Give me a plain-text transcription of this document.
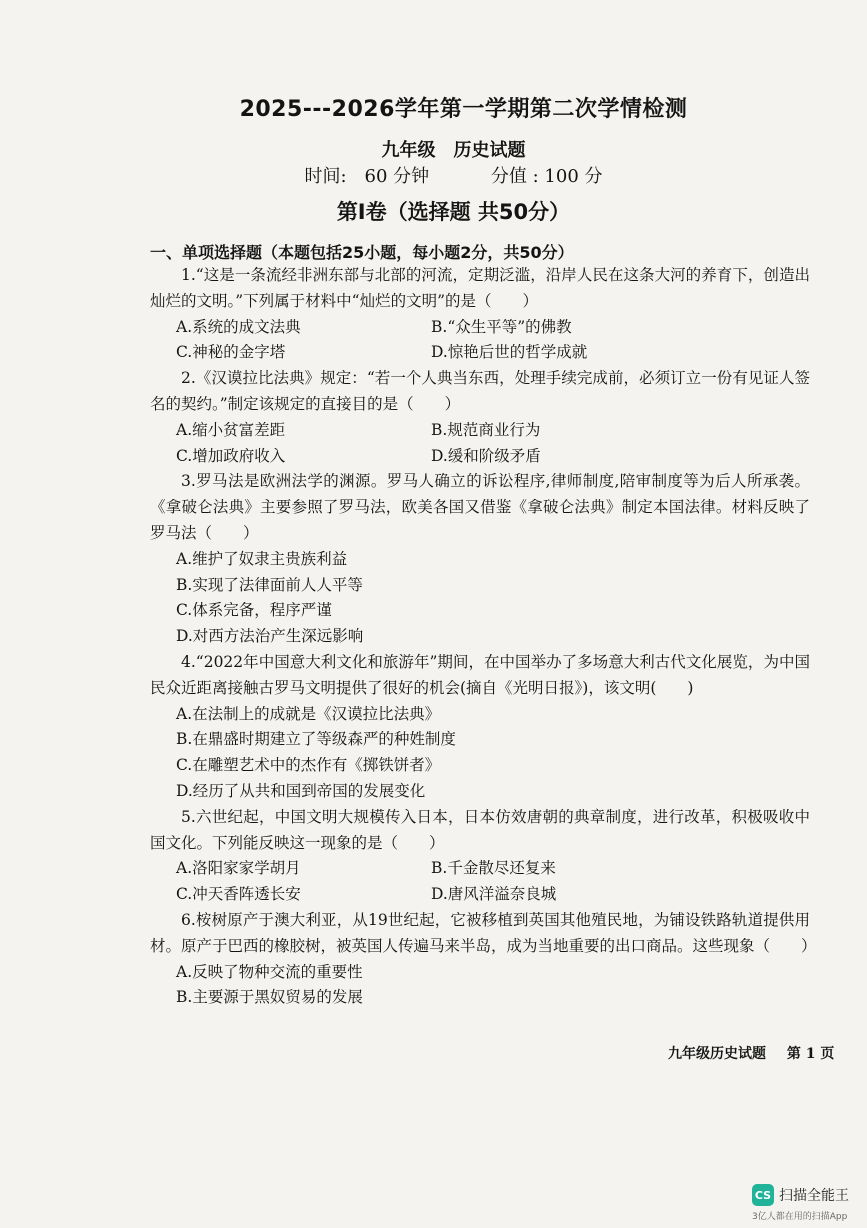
2025---2026学年第一学期第二次学情检测
九年级　历史试题
时间:　60 分钟	分值 : 100 分
第Ⅰ卷（选择题 共50分）
一、单项选择题（本题包括25小题，每小题2分，共50分）

1.“这是一条流经非洲东部与北部的河流，定期泛滥，沿岸人民在这条大河的养育下，创造出灿烂的文明。”下列属于材料中“灿烂的文明”的是（　　）

A.系统的成文法典	B.“众生平等”的佛教
C.神秘的金字塔	D.惊艳后世的哲学成就

2.《汉谟拉比法典》规定：“若一个人典当东西，处理手续完成前，必须订立一份有见证人签名的契约。”制定该规定的直接目的是（　　）

A.缩小贫富差距	B.规范商业行为
C.增加政府收入	D.缓和阶级矛盾

3.罗马法是欧洲法学的渊源。罗马人确立的诉讼程序,律师制度,陪审制度等为后人所承袭。《拿破仑法典》主要参照了罗马法，欧美各国又借鉴《拿破仑法典》制定本国法律。材料反映了罗马法（　　）

A.维护了奴隶主贵族利益
B.实现了法律面前人人平等
C.体系完备，程序严谨
D.对西方法治产生深远影响

4.“2022年中国意大利文化和旅游年”期间，在中国举办了多场意大利古代文化展览，为中国民众近距离接触古罗马文明提供了很好的机会(摘自《光明日报》)，该文明(　　)

A.在法制上的成就是《汉谟拉比法典》
B.在鼎盛时期建立了等级森严的种姓制度
C.在雕塑艺术中的杰作有《掷铁饼者》
D.经历了从共和国到帝国的发展变化

5.六世纪起，中国文明大规模传入日本，日本仿效唐朝的典章制度，进行改革，积极吸收中国文化。下列能反映这一现象的是（　　）

A.洛阳家家学胡月	B.千金散尽还复来
C.冲天香阵透长安	D.唐风洋溢奈良城

6.桉树原产于澳大利亚，从19世纪起，它被移植到英国其他殖民地，为铺设铁路轨道提供用材。原产于巴西的橡胶树，被英国人传遍马来半岛，成为当地重要的出口商品。这些现象（　　）

A.反映了物种交流的重要性
B.主要源于黑奴贸易的发展
九年级历史试题 第 1 页
CS 扫描全能王
3亿人都在用的扫描App
